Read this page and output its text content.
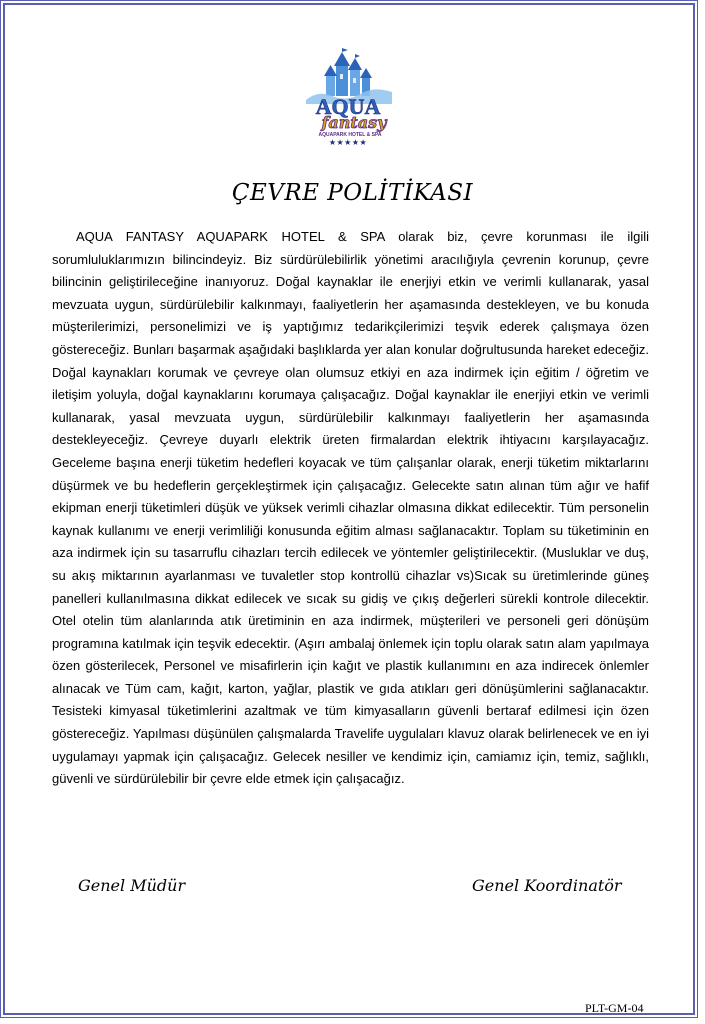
AQUA
fantasy
AQUAPARK HOTEL & SPA
★★★★★
ÇEVRE POLİTİKASI

AQUA FANTASY AQUAPARK HOTEL & SPA olarak biz, çevre korunması ile ilgili sorumluluklarımızın bilincindeyiz. Biz sürdürülebilirlik yönetimi aracılığıyla çevrenin korunup, çevre bilincinin geliştirileceğine inanıyoruz. Doğal kaynaklar ile enerjiyi etkin ve verimli kullanarak, yasal mevzuata uygun, sürdürülebilir kalkınmayı, faaliyetlerin her aşamasında destekleyen, ve bu konuda müşterilerimizi, personelimizi ve iş yaptığımız tedarikçilerimizi teşvik ederek çalışmaya özen göstereceğiz. Bunları başarmak aşağıdaki başlıklarda yer alan konular doğrultusunda hareket edeceğiz. Doğal kaynakları korumak ve çevreye olan olumsuz etkiyi en aza indirmek için eğitim / öğretim ve iletişim yoluyla, doğal kaynaklarını korumaya çalışacağız. Doğal kaynaklar ile enerjiyi etkin ve verimli kullanarak, yasal mevzuata uygun, sürdürülebilir kalkınmayı faaliyetlerin her aşamasında destekleyeceğiz. Çevreye duyarlı elektrik üreten firmalardan elektrik ihtiyacını karşılayacağız. Geceleme başına enerji tüketim hedefleri koyacak ve tüm çalışanlar olarak, enerji tüketim miktarlarını düşürmek ve bu hedeflerin gerçekleştirmek için çalışacağız. Gelecekte satın alınan tüm ağır ve hafif ekipman enerji tüketimleri düşük ve yüksek verimli cihazlar olmasına dikkat edilecektir. Tüm personelin kaynak kullanımı ve enerji verimliliği konusunda eğitim alması sağlanacaktır. Toplam su tüketiminin en aza indirmek için su tasarruflu cihazları tercih edilecek ve yöntemler geliştirilecektir. (Musluklar ve duş, su akış miktarının ayarlanması ve tuvaletler stop kontrollü cihazlar vs)Sıcak su üretimlerinde güneş panelleri kullanılmasına dikkat edilecek ve sıcak su gidiş ve çıkış değerleri sürekli kontrole dilecektir. Otel otelin tüm alanlarında atık üretiminin en aza indirmek, müşterileri ve personeli geri dönüşüm programına katılmak için teşvik edecektir. (Aşırı ambalaj önlemek için toplu olarak satın alam yapılmaya özen gösterilecek, Personel ve misafirlerin için kağıt ve plastik kullanımını en aza indirecek önlemler alınacak ve Tüm cam, kağıt, karton, yağlar, plastik ve gıda atıkları geri dönüşümlerini sağlanacaktır. Tesisteki kimyasal tüketimlerini azaltmak ve tüm kimyasalların güvenli bertaraf edilmesi için özen göstereceğiz. Yapılması düşünülen çalışmalarda Travelife uygulaları klavuz olarak belirlenecek ve en iyi uygulamayı yapmak için çalışacağız. Gelecek nesiller ve kendimiz için, camiamız için, temiz, sağlıklı, güvenli ve sürdürülebilir bir çevre elde etmek için çalışacağız.

Genel Müdür	Genel Koordinatör
PLT-GM-04
